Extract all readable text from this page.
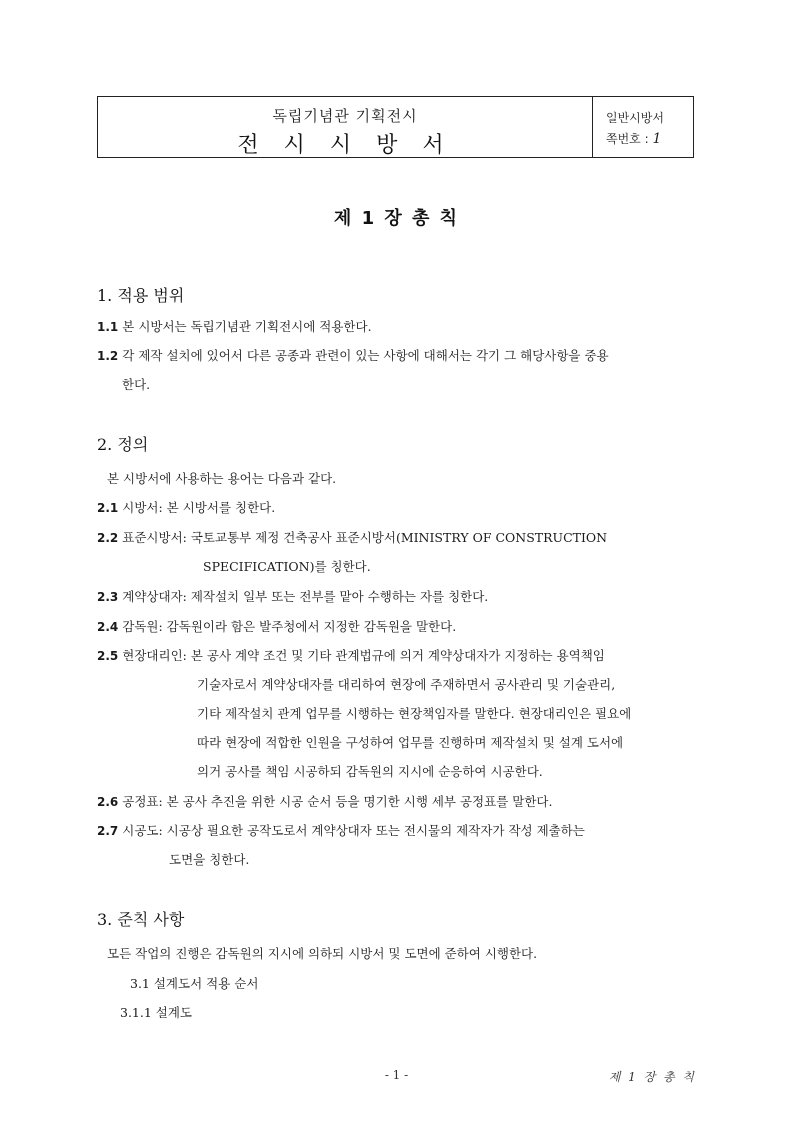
독립기념관 기획전시
전 시 시 방 서
일반시방서
쪽번호 : 1
제 1 장 총 칙
1. 적용 범위
1.1 본 시방서는 독립기념관 기획전시에 적용한다.
1.2 각 제작 설치에 있어서 다른 공종과 관련이 있는 사항에 대해서는 각기 그 해당사항을 중용
한다.
2. 정의
본 시방서에 사용하는 용어는 다음과 같다.
2.1 시방서: 본 시방서를 칭한다.
2.2 표준시방서: 국토교통부 제정 건축공사 표준시방서(MINISTRY OF CONSTRUCTION
SPECIFICATION)를 칭한다.
2.3 계약상대자: 제작설치 일부 또는 전부를 맡아 수행하는 자를 칭한다.
2.4 감독원: 감독원이라 함은 발주청에서 지정한 감독원을 말한다.
2.5 현장대리인: 본 공사 계약 조건 및 기타 관계법규에 의거 계약상대자가 지정하는 용역책임
기술자로서 계약상대자를 대리하여 현장에 주재하면서 공사관리 및 기술관리,
기타 제작설치 관계 업무를 시행하는 현장책임자를 말한다. 현장대리인은 필요에
따라 현장에 적합한 인원을 구성하여 업무를 진행하며 제작설치 및 설계 도서에
의거 공사를 책임 시공하되 감독원의 지시에 순응하여 시공한다.
2.6 공정표: 본 공사 추진을 위한 시공 순서 등을 명기한 시행 세부 공정표를 말한다.
2.7 시공도: 시공상 필요한 공작도로서 계약상대자 또는 전시물의 제작자가 작성 제출하는
도면을 칭한다.
3. 준칙 사항
모든 작업의 진행은 감독원의 지시에 의하되 시방서 및 도면에 준하여 시행한다.
3.1 설계도서 적용 순서
3.1.1 설계도
- 1 -	제 1 장 총 칙
